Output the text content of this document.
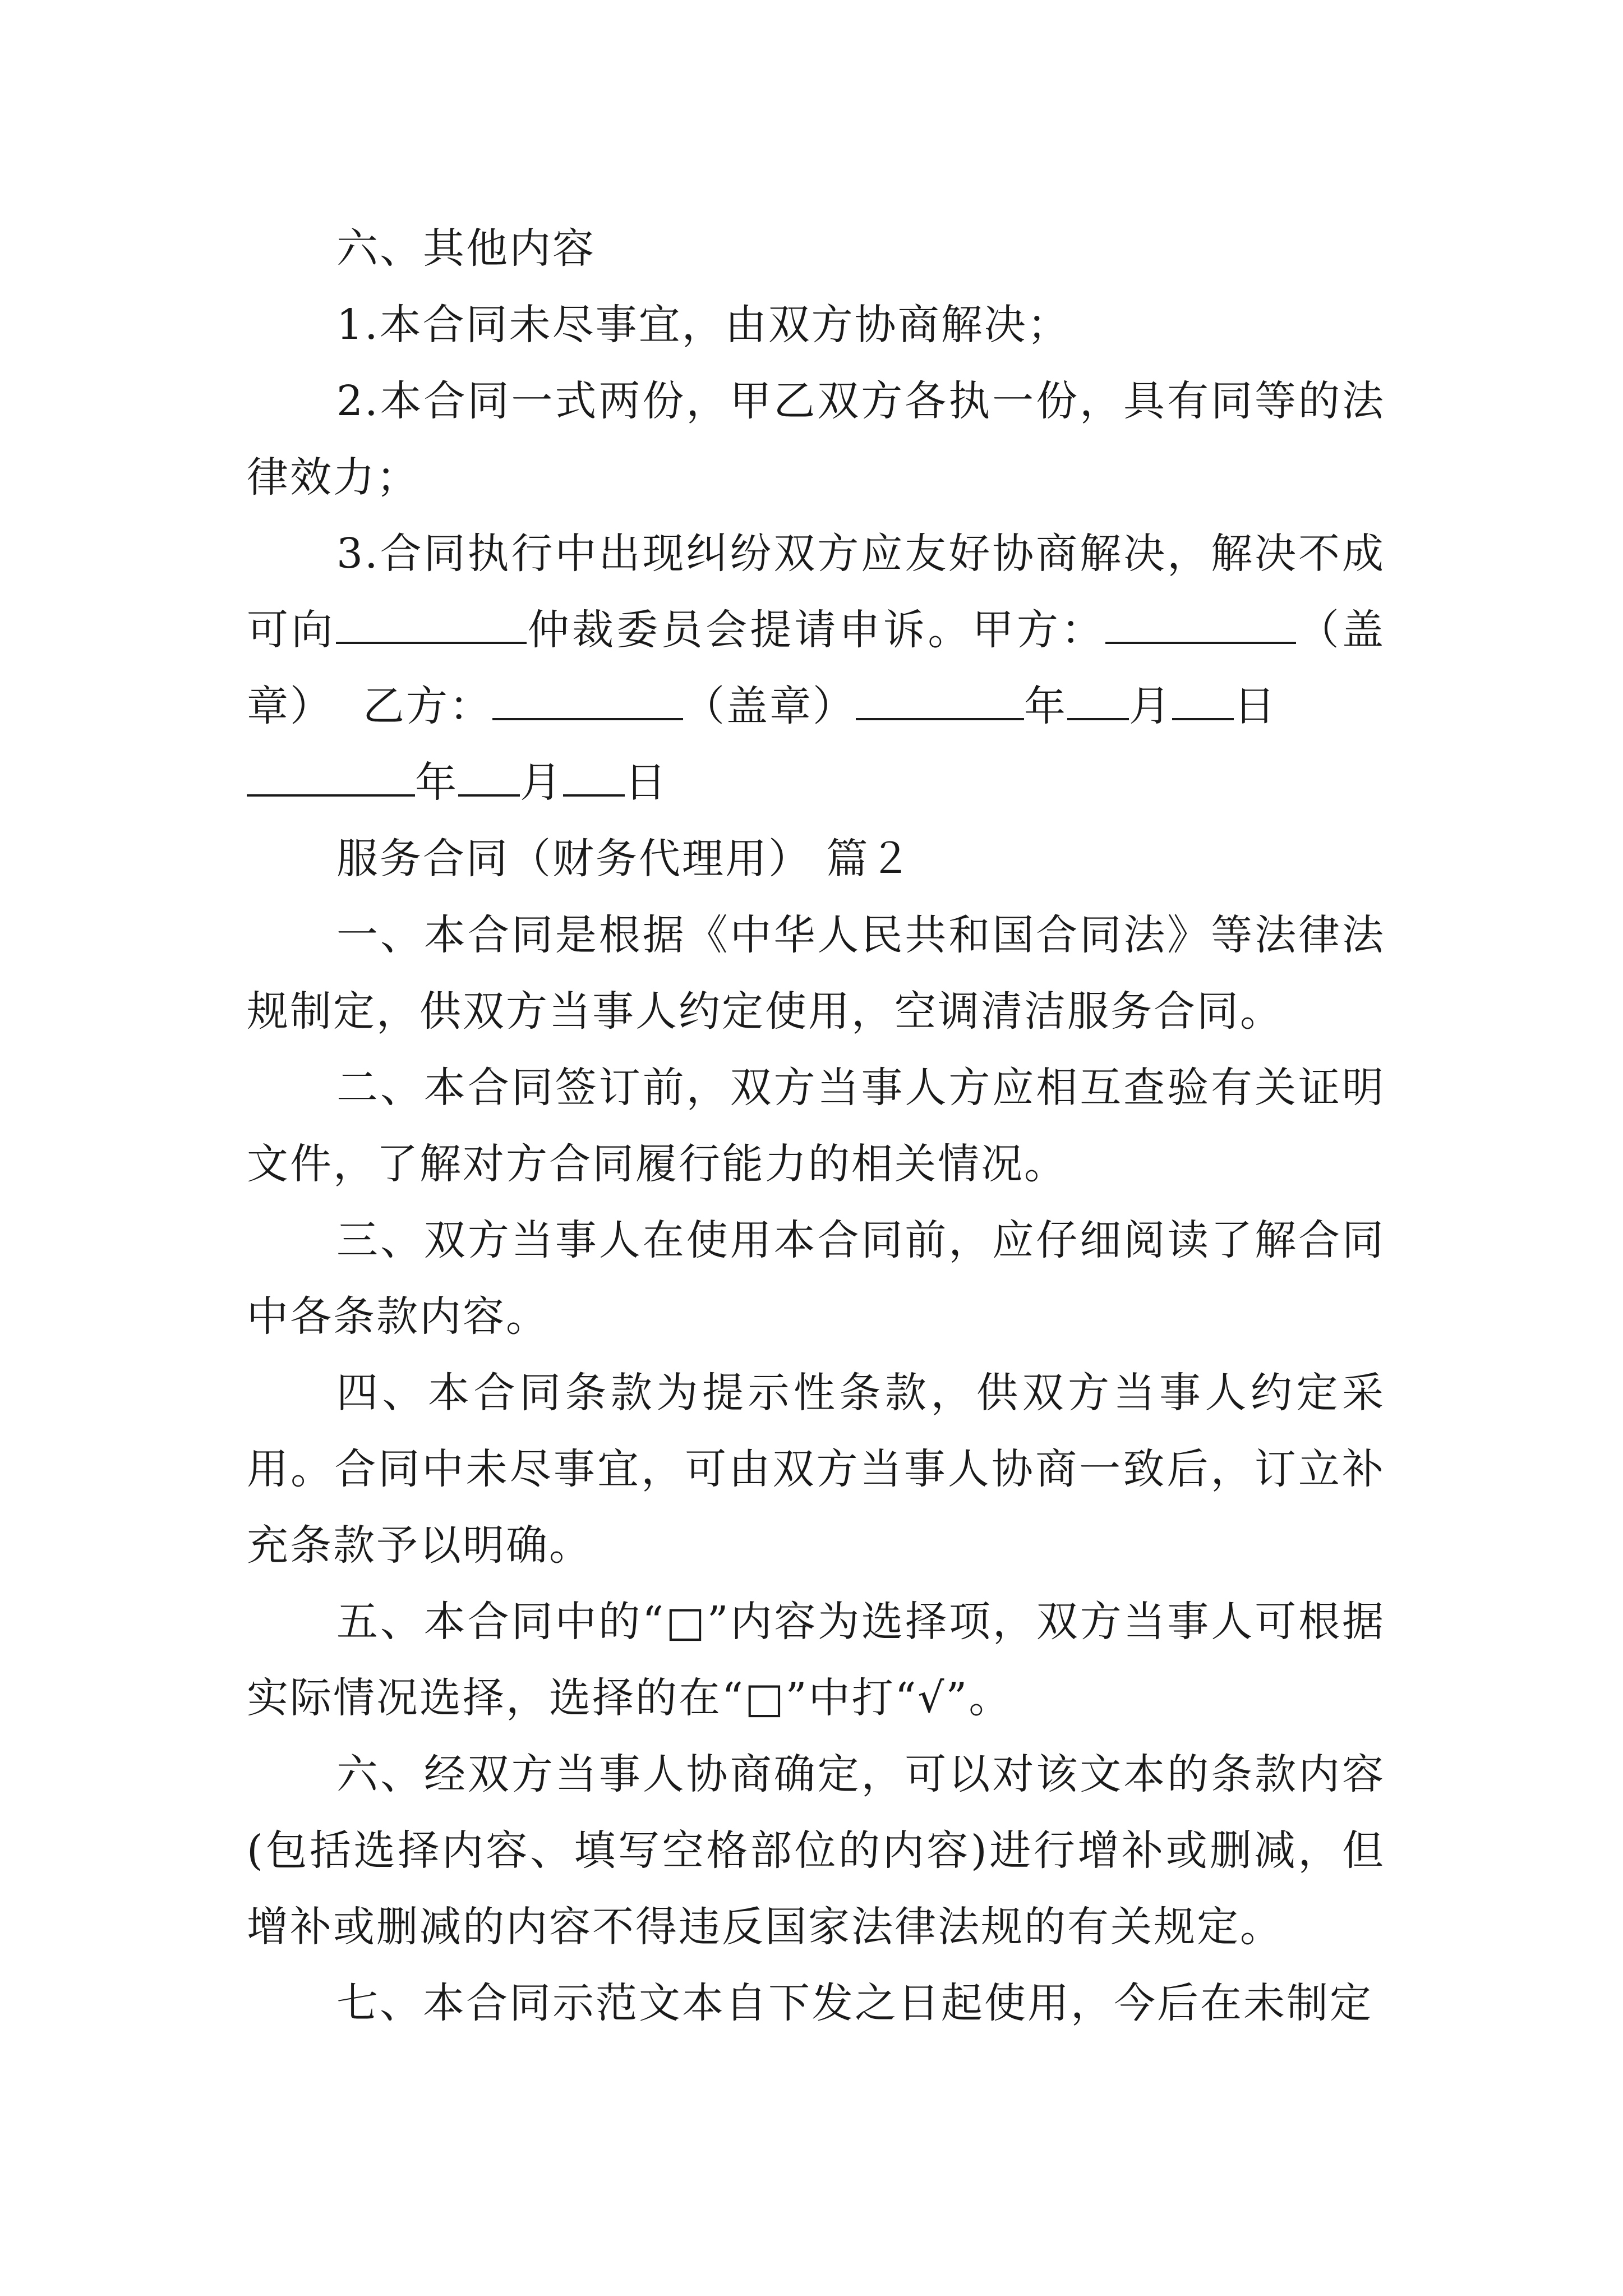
六、其他内容

1.本合同未尽事宜，由双方协商解决；

2.本合同一式两份，甲乙双方各执一份，具有同等的法律效力；

3.合同执行中出现纠纷双方应友好协商解决，解决不成可向	仲裁委员会提请申诉。甲方：	（盖章） 乙方：	（盖章）	年 月 日

年 月 日

服务合同（财务代理用） 篇２

一、本合同是根据《中华人民共和国合同法》等法律法规制定，供双方当事人约定使用，空调清洁服务合同。

二、本合同签订前，双方当事人方应相互查验有关证明文件，了解对方合同履行能力的相关情况。

三、双方当事人在使用本合同前，应仔细阅读了解合同中各条款内容。

四、本合同条款为提示性条款，供双方当事人约定采用。合同中未尽事宜，可由双方当事人协商一致后，订立补充条款予以明确。

五、本合同中的“□”内容为选择项，双方当事人可根据实际情况选择，选择的在“□”中打“√”。

六、经双方当事人协商确定，可以对该文本的条款内容(包括选择内容、填写空格部位的内容)进行增补或删减，但增补或删减的内容不得违反国家法律法规的有关规定。

七、本合同示范文本自下发之日起使用，今后在未制定
